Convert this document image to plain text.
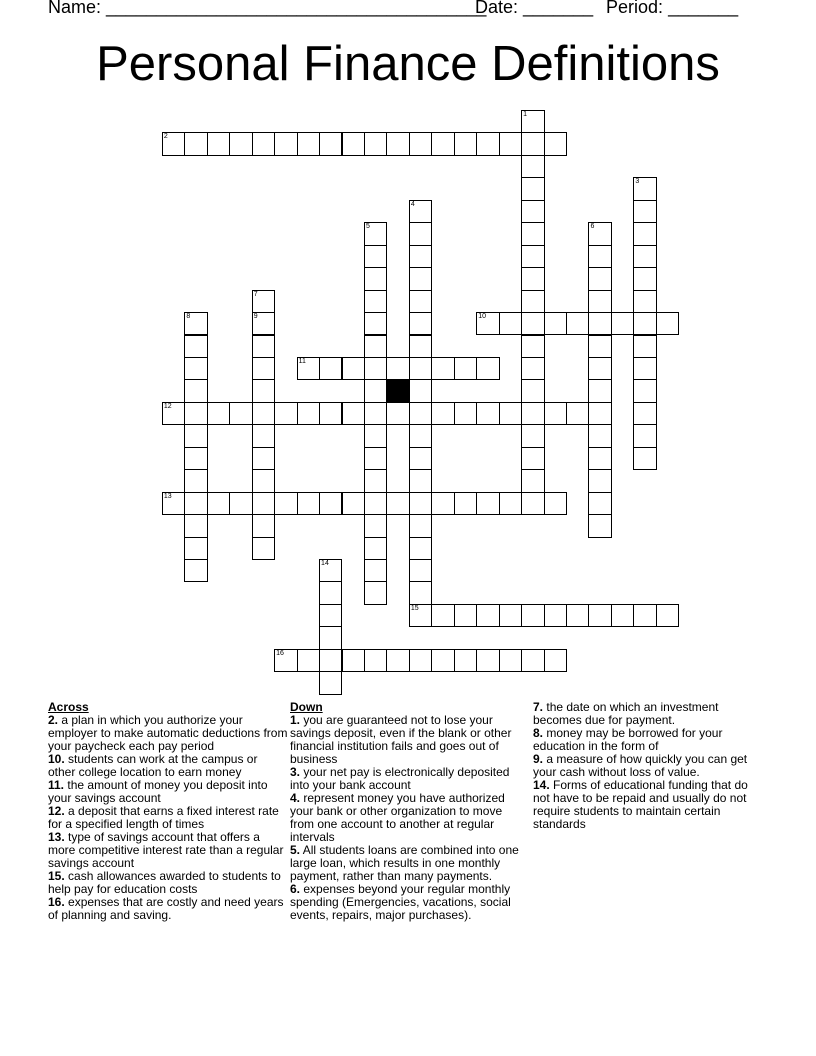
Name: ______________________________________
Date: _______ Period: _______
Personal Finance Definitions
1
2
3
4
5	6
7
9
8	10
11
12
13
14
15
16
Across
2. a plan in which you authorize your employer to make automatic deductions from your paycheck each pay period
10. students can work at the campus or other college location to earn money
11. the amount of money you deposit into your savings account
12. a deposit that earns a fixed interest rate for a specified length of times
13. type of savings account that offers a more competitive interest rate than a regular savings account
15. cash allowances awarded to students to help pay for education costs
16. expenses that are costly and need years of planning and saving.
Down
1. you are guaranteed not to lose your savings deposit, even if the blank or other financial institution fails and goes out of business
3. your net pay is electronically deposited into your bank account
4. represent money you have authorized your bank or other organization to move from one account to another at regular intervals
5. All students loans are combined into one large loan, which results in one monthly payment, rather than many payments.
6. expenses beyond your regular monthly spending (Emergencies, vacations, social events, repairs, major purchases).
7. the date on which an investment becomes due for payment.
8. money may be borrowed for your education in the form of
9. a measure of how quickly you can get your cash without loss of value.
14. Forms of educational funding that do not have to be repaid and usually do not require students to maintain certain standards
